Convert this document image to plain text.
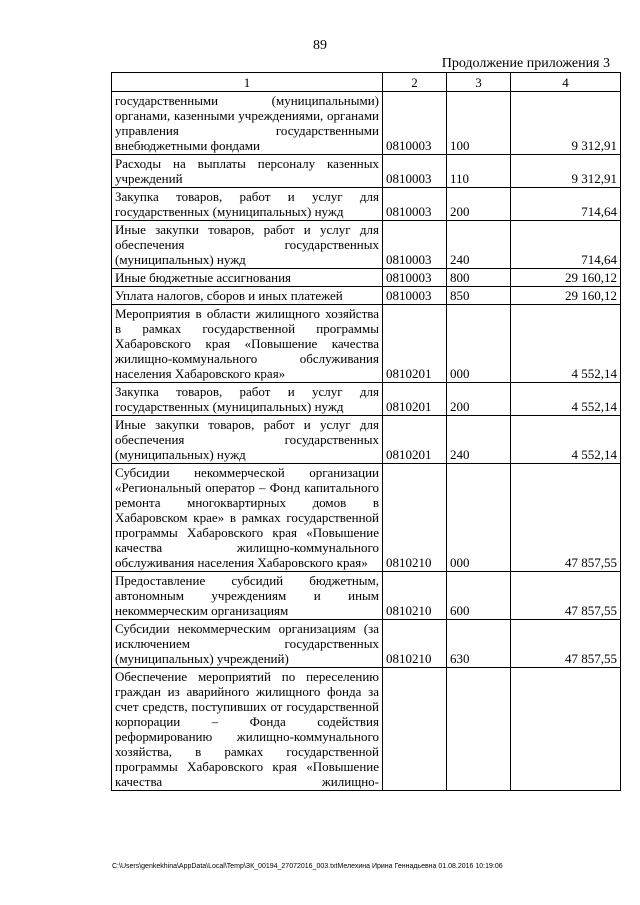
89
Продолжение приложения 3
1	2	3	4
государственными (муниципальными) органами, казенными учреждениями, органами управления государственными внебюджетными фондами	0810003	100	9 312,91
Расходы на выплаты персоналу казенных учреждений	0810003	110	9 312,91
Закупка товаров, работ и услуг для государственных (муниципальных) нужд	0810003	200	714,64
Иные закупки товаров, работ и услуг для обеспечения государственных (муниципальных) нужд	0810003	240	714,64
Иные бюджетные ассигнования	0810003	800	29 160,12
Уплата налогов, сборов и иных платежей	0810003	850	29 160,12
Мероприятия в области жилищного хозяйства в рамках государственной программы Хабаровского края «Повышение качества жилищно-коммунального обслуживания населения Хабаровского края»	0810201	000	4 552,14
Закупка товаров, работ и услуг для государственных (муниципальных) нужд	0810201	200	4 552,14
Иные закупки товаров, работ и услуг для обеспечения государственных (муниципальных) нужд	0810201	240	4 552,14
Субсидии некоммерческой организации «Региональный оператор – Фонд капитального ремонта многоквартирных домов в Хабаровском крае» в рамках государственной программы Хабаровского края «Повышение качества жилищно-коммунального обслуживания населения Хабаровского края»	0810210	000	47 857,55
Предоставление субсидий бюджетным, автономным учреждениям и иным некоммерческим организациям	0810210	600	47 857,55
Субсидии некоммерческим организациям (за исключением государственных (муниципальных) учреждений)	0810210	630	47 857,55
Обеспечение мероприятий по переселению граждан из аварийного жилищного фонда за счет средств, поступивших от государственной корпорации – Фонда содействия реформированию жилищно-коммунального хозяйства, в рамках государственной программы Хабаровского края «Повышение качества жилищно-			
C:\Users\genkekhina\AppData\Local\Temp\ЗК_00194_27072016_003.txtМелехина Ирина Геннадьевна 01.08.2016 10:19:06
